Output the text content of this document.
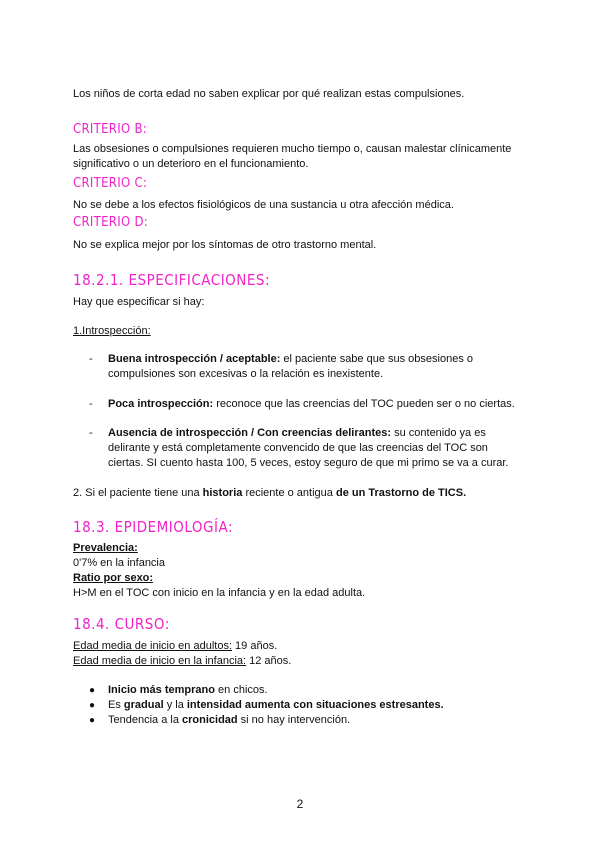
Los niños de corta edad no saben explicar por qué realizan estas compulsiones.
CRITERIO B:
Las obsesiones o compulsiones requieren mucho tiempo o, causan malestar clínicamente
significativo o un deterioro en el funcionamiento.
CRITERIO C:
No se debe a los efectos fisiológicos de una sustancia u otra afección médica.
CRITERIO D:
No se explica mejor por los síntomas de otro trastorno mental.
18.2.1. ESPECIFICACIONES:
Hay que especificar si hay:
1.Introspección:
- Buena introspección / aceptable: el paciente sabe que sus obsesiones o
compulsiones son excesivas o la relación es inexistente.
- Poca introspección: reconoce que las creencias del TOC pueden ser o no ciertas.
- Ausencia de introspección / Con creencias delirantes: su contenido ya es
delirante y está completamente convencido de que las creencias del TOC son
ciertas. SI cuento hasta 100, 5 veces, estoy seguro de que mi primo se va a curar.
2. Si el paciente tiene una historia reciente o antigua de un Trastorno de TICS.
18.3. EPIDEMIOLOGÍA:
Prevalencia:
0'7% en la infancia
Ratio por sexo:
H>M en el TOC con inicio en la infancia y en la edad adulta.
18.4. CURSO:
Edad media de inicio en adultos: 19 años.
Edad media de inicio en la infancia: 12 años.
● Inicio más temprano en chicos.
● Es gradual y la intensidad aumenta con situaciones estresantes.
● Tendencia a la cronicidad si no hay intervención.
2
